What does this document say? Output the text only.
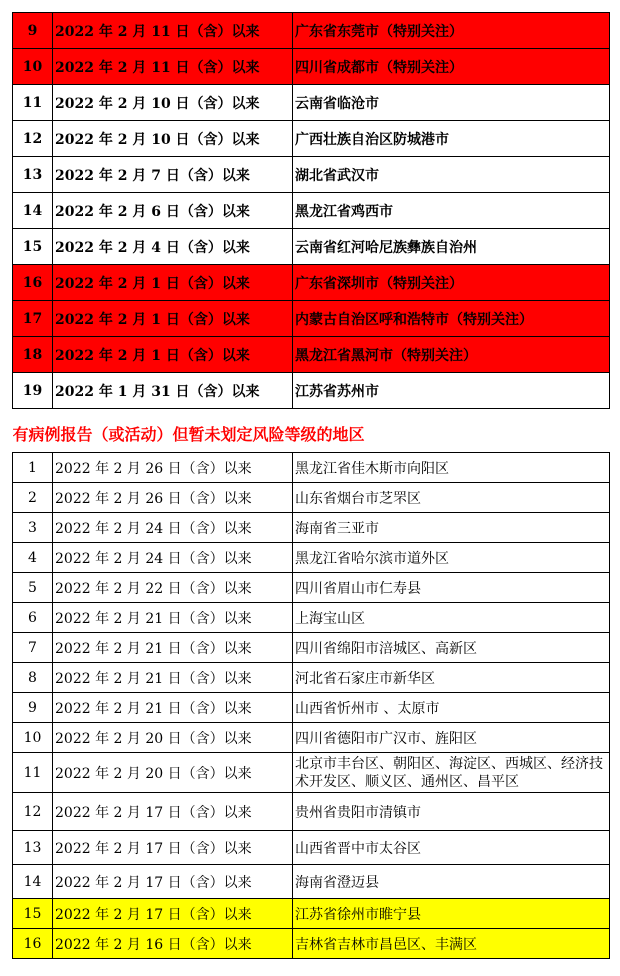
9	2022 年 2 月 11 日（含）以来	广东省东莞市（特别关注）
10	2022 年 2 月 11 日（含）以来	四川省成都市（特别关注）
11	2022 年 2 月 10 日（含）以来	云南省临沧市
12	2022 年 2 月 10 日（含）以来	广西壮族自治区防城港市
13	2022 年 2 月 7 日（含）以来	湖北省武汉市
14	2022 年 2 月 6 日（含）以来	黑龙江省鸡西市
15	2022 年 2 月 4 日（含）以来	云南省红河哈尼族彝族自治州
16	2022 年 2 月 1 日（含）以来	广东省深圳市（特别关注）
17	2022 年 2 月 1 日（含）以来	内蒙古自治区呼和浩特市（特别关注）
18	2022 年 2 月 1 日（含）以来	黑龙江省黑河市（特别关注）
19	2022 年 1 月 31 日（含）以来	江苏省苏州市
有病例报告（或活动）但暂未划定风险等级的地区		
1	2022 年 2 月 26 日（含）以来	黑龙江省佳木斯市向阳区
2	2022 年 2 月 26 日（含）以来	山东省烟台市芝罘区
3	2022 年 2 月 24 日（含）以来	海南省三亚市
4	2022 年 2 月 24 日（含）以来	黑龙江省哈尔滨市道外区
5	2022 年 2 月 22 日（含）以来	四川省眉山市仁寿县
6	2022 年 2 月 21 日（含）以来	上海宝山区
7	2022 年 2 月 21 日（含）以来	四川省绵阳市涪城区、高新区
8	2022 年 2 月 21 日（含）以来	河北省石家庄市新华区
9	2022 年 2 月 21 日（含）以来	山西省忻州市 、太原市
10	2022 年 2 月 20 日（含）以来	四川省德阳市广汉市、旌阳区
11	2022 年 2 月 20 日（含）以来	北京市丰台区、朝阳区、海淀区、西城区、经济技术开发区、顺义区、通州区、昌平区
12	2022 年 2 月 17 日（含）以来	贵州省贵阳市清镇市
13	2022 年 2 月 17 日（含）以来	山西省晋中市太谷区
14	2022 年 2 月 17 日（含）以来	海南省澄迈县
15	2022 年 2 月 17 日（含）以来	江苏省徐州市睢宁县
16	2022 年 2 月 16 日（含）以来	吉林省吉林市昌邑区、丰满区
